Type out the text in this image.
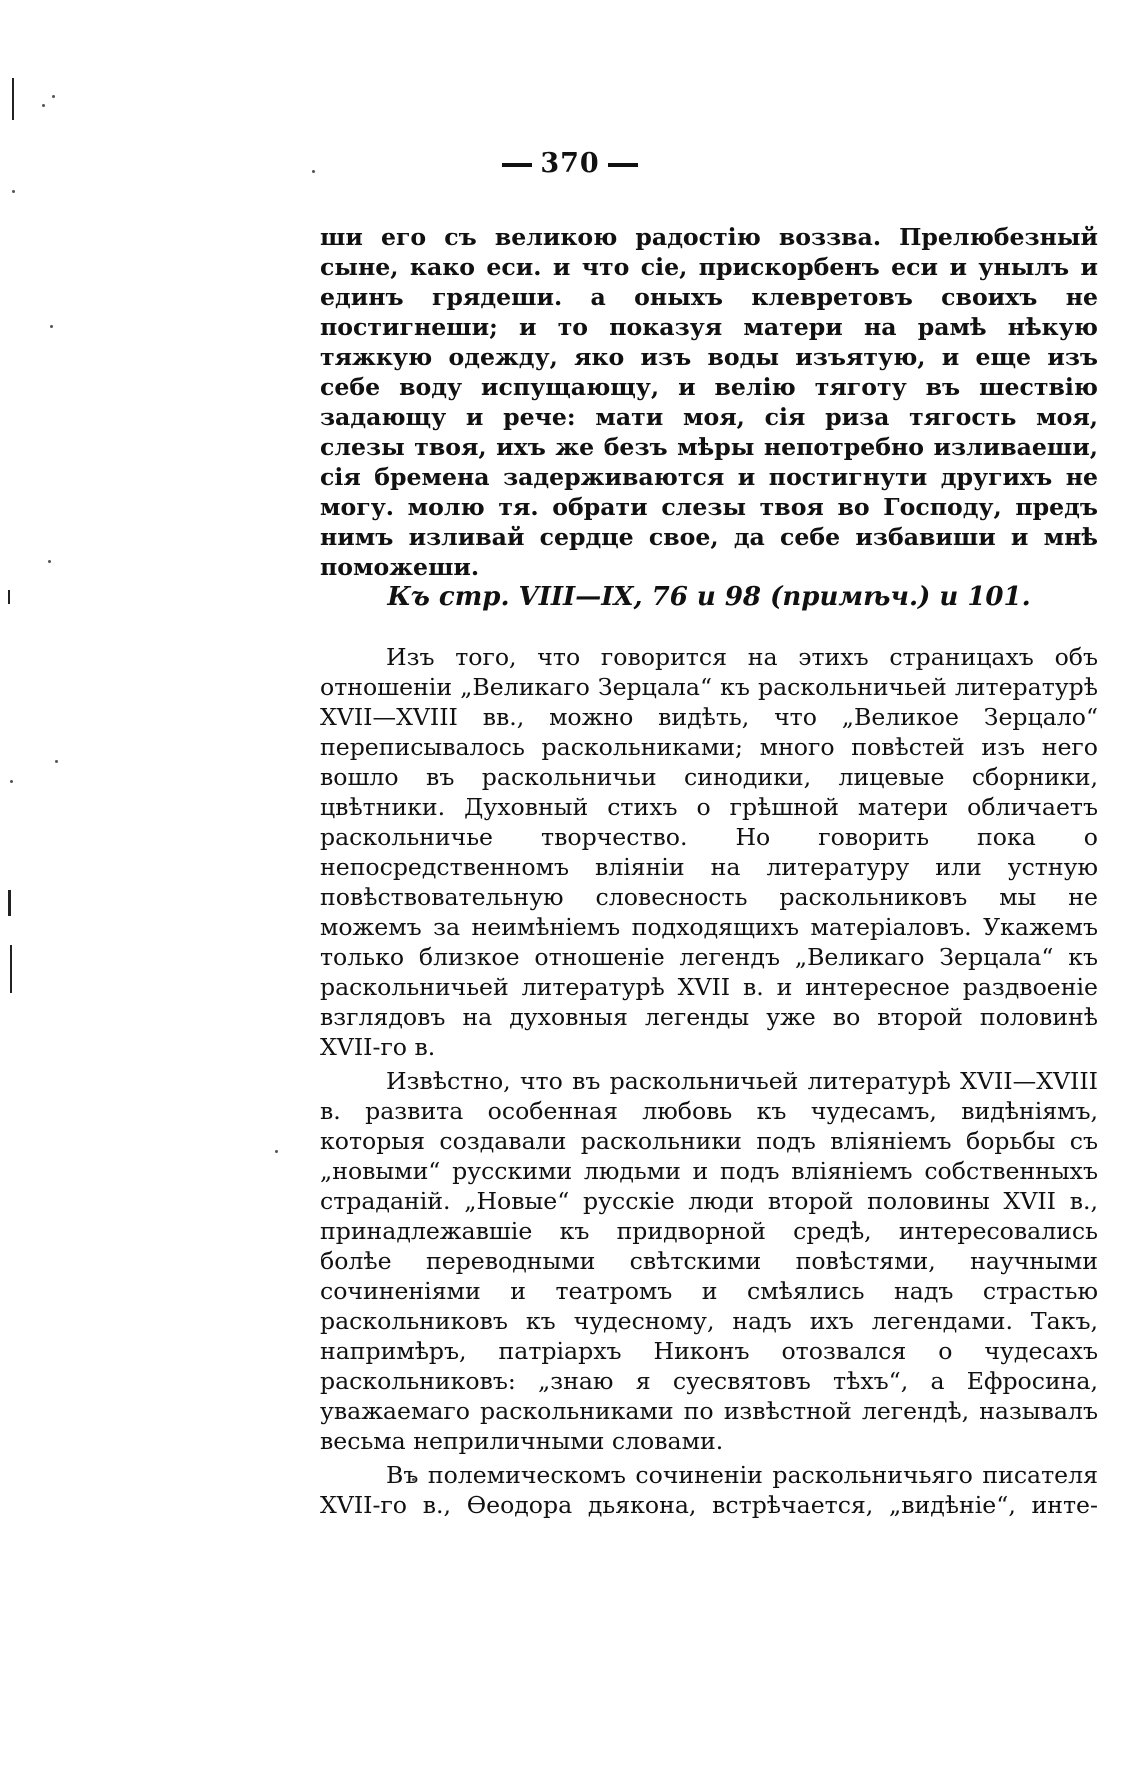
370

ши его съ великою радостію воззва. Прелюбезный сыне, како еси. и что сіе, прискорбенъ еси и унылъ и единъ грядеши. а оныхъ клевретовъ своихъ не постигнеши; и то показуя матери на рамѣ нѣкую тяжкую одежду, яко изъ воды изъятую, и еще изъ себе воду испущающу, и велію тяготу въ шествію задающу и рече: мати моя, сія риза тягость моя, слезы твоя, ихъ же безъ мѣры непотребно изливаеши, сія бремена задерживаются и постигнути другихъ не могу. молю тя. обрати слезы твоя во Господу, предъ нимъ изливай сердце свое, да себе избавиши и мнѣ поможеши.

Къ стр. VIII—IX, 76 и 98 (примѣч.) и 101.

Изъ того, что говорится на этихъ страницахъ объ отношеніи „Великаго Зерцала“ къ раскольничьей литературѣ XVII—XVIII вв., можно видѣть, что „Великое Зерцало“ переписывалось раскольниками; много повѣстей изъ него вошло въ раскольничьи синодики, лицевые сборники, цвѣтники. Духовный стихъ о грѣшной матери обличаетъ раскольничье творчество. Но говорить пока о непосредственномъ вліяніи на литературу или устную повѣствовательную словесность раскольниковъ мы не можемъ за неимѣніемъ подходящихъ матеріаловъ. Укажемъ только близкое отношеніе легендъ „Великаго Зерцала“ къ раскольничьей литературѣ XVII в. и интересное раздвоеніе взглядовъ на духовныя легенды уже во второй половинѣ XVII-го в.

Извѣстно, что въ раскольничьей литературѣ XVII—XVIII в. развита особенная любовь къ чудесамъ, видѣніямъ, которыя создавали раскольники подъ вліяніемъ борьбы съ „новыми“ русскими людьми и подъ вліяніемъ собственныхъ страданій. „Новые“ русскіе люди второй половины XVII в., принадлежавшіе къ придворной средѣ, интересовались болѣе переводными свѣтскими повѣстями, научными сочиненіями и театромъ и смѣялись надъ страстью раскольниковъ къ чудесному, надъ ихъ легендами. Такъ, напримѣръ, патріархъ Никонъ отозвался о чудесахъ раскольниковъ: „знаю я суесвятовъ тѣхъ“, а Ефросина, уважаемаго раскольниками по извѣстной легендѣ, называлъ весьма неприличными словами.

Въ полемическомъ сочиненіи раскольничьяго писателя XVII-го в., Ѳеодора дьякона, встрѣчается, „видѣніе“, инте-
